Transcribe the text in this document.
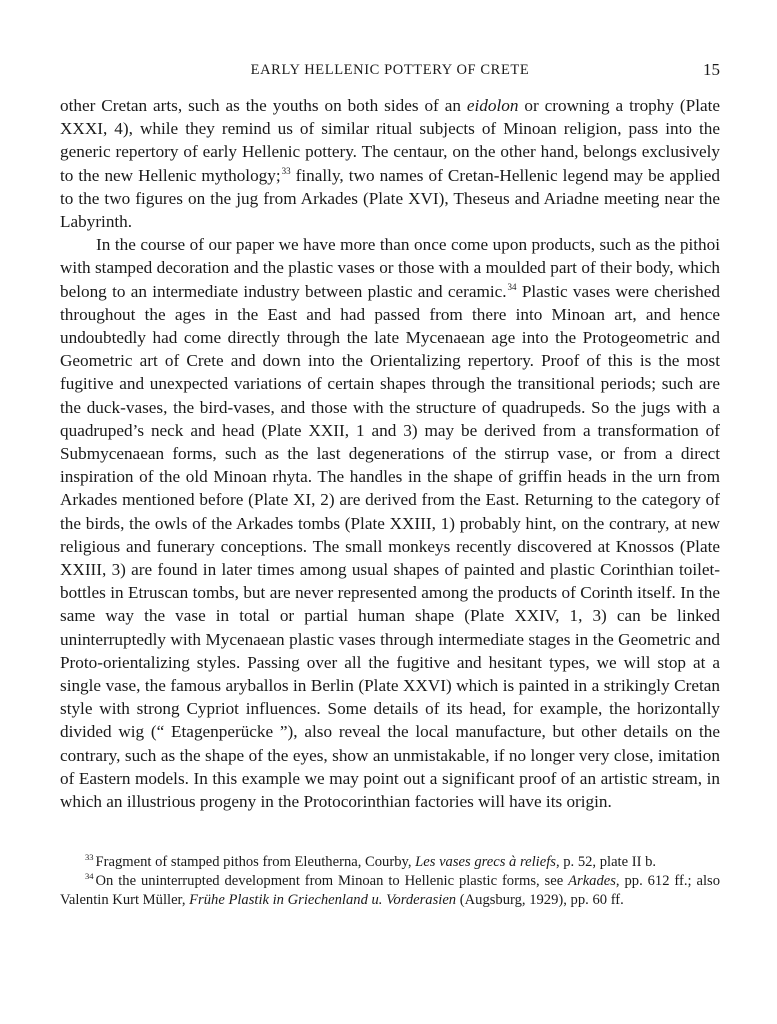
EARLY HELLENIC POTTERY OF CRETE	15

other Cretan arts, such as the youths on both sides of an eidolon or crowning a trophy (Plate XXXI, 4), while they remind us of similar ritual subjects of Minoan religion, pass into the generic repertory of early Hellenic pottery. The centaur, on the other hand, belongs exclusively to the new Hellenic mythology;$^{33}$ finally, two names of Cretan-Hellenic legend may be applied to the two figures on the jug from Arkades (Plate XVI), Theseus and Ariadne meeting near the Labyrinth.

In the course of our paper we have more than once come upon products, such as the pithoi with stamped decoration and the plastic vases or those with a moulded part of their body, which belong to an intermediate industry between plastic and ceramic.$^{34}$ Plastic vases were cherished throughout the ages in the East and had passed from there into Minoan art, and hence undoubtedly had come directly through the late Mycenaean age into the Protogeometric and Geometric art of Crete and down into the Orientalizing repertory. Proof of this is the most fugitive and unexpected variations of certain shapes through the transitional periods; such are the duck-vases, the bird-vases, and those with the structure of quadrupeds. So the jugs with a quadruped’s neck and head (Plate XXII, 1 and 3) may be derived from a transformation of Submycenaean forms, such as the last degenerations of the stirrup vase, or from a direct inspiration of the old Minoan rhyta. The handles in the shape of griffin heads in the urn from Arkades mentioned before (Plate XI, 2) are derived from the East. Returning to the category of the birds, the owls of the Arkades tombs (Plate XXIII, 1) probably hint, on the contrary, at new religious and funerary conceptions. The small monkeys recently discovered at Knossos (Plate XXIII, 3) are found in later times among usual shapes of painted and plastic Corinthian toilet-bottles in Etruscan tombs, but are never represented among the products of Corinth itself. In the same way the vase in total or partial human shape (Plate XXIV, 1, 3) can be linked uninterruptedly with Mycenaean plastic vases through intermediate stages in the Geometric and Proto-orientalizing styles. Passing over all the fugitive and hesitant types, we will stop at a single vase, the famous aryballos in Berlin (Plate XXVI) which is painted in a strikingly Cretan style with strong Cypriot influences. Some details of its head, for example, the horizontally divided wig (“ Etagenperücke ”), also reveal the local manufacture, but other details on the contrary, such as the shape of the eyes, show an unmistakable, if no longer very close, imitation of Eastern models. In this example we may point out a significant proof of an artistic stream, in which an illustrious progeny in the Protocorinthian factories will have its origin.

$^{33}$ Fragment of stamped pithos from Eleutherna, Courby, Les vases grecs à reliefs, p. 52, plate II b.

$^{34}$ On the uninterrupted development from Minoan to Hellenic plastic forms, see Arkades, pp. 612 ff.; also Valentin Kurt Müller, Frühe Plastik in Griechenland u. Vorderasien (Augsburg, 1929), pp. 60 ff.
